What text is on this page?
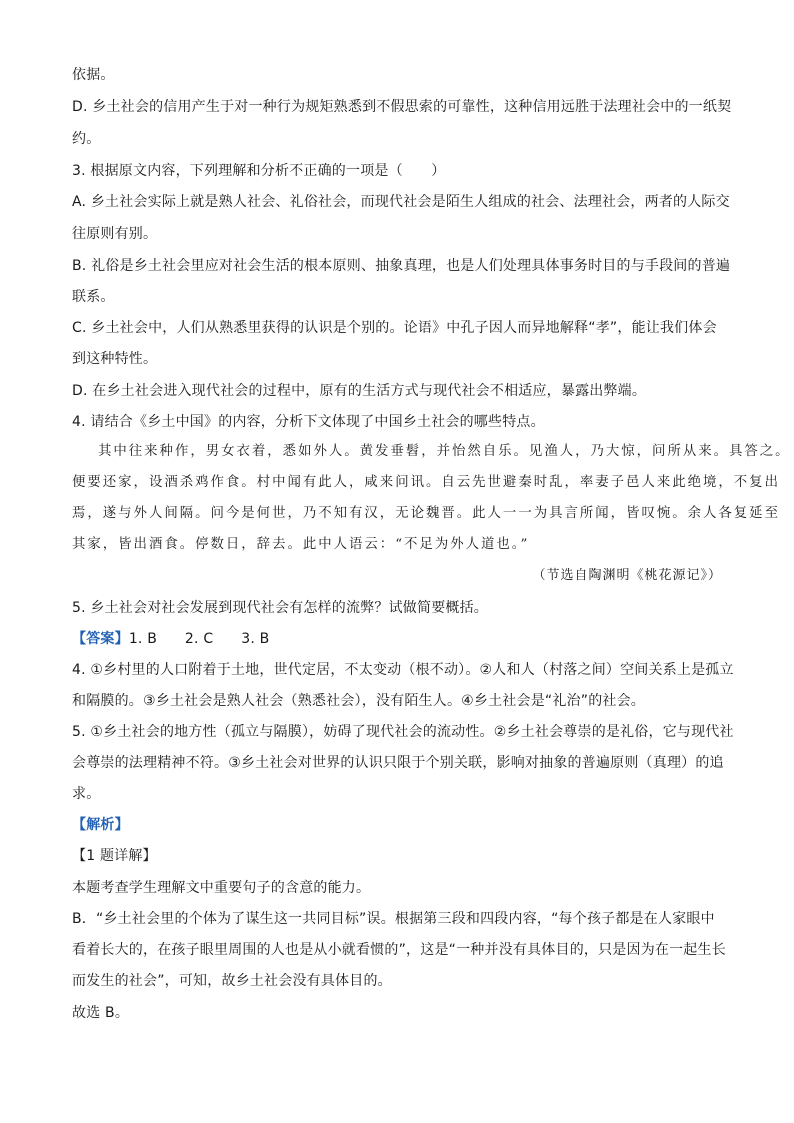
依据。
D. 乡土社会的信用产生于对一种行为规矩熟悉到不假思索的可靠性，这种信用远胜于法理社会中的一纸契
约。
3. 根据原文内容，下列理解和分析不正确的一项是（　　）
A. 乡土社会实际上就是熟人社会、礼俗社会，而现代社会是陌生人组成的社会、法理社会，两者的人际交
往原则有别。
B. 礼俗是乡土社会里应对社会生活的根本原则、抽象真理，也是人们处理具体事务时目的与手段间的普遍
联系。
C. 乡土社会中，人们从熟悉里获得的认识是个别的。论语》中孔子因人而异地解释“孝”，能让我们体会
到这种特性。
D. 在乡土社会进入现代社会的过程中，原有的生活方式与现代社会不相适应，暴露出弊端。
4. 请结合《乡土中国》的内容，分析下文体现了中国乡土社会的哪些特点。
其中往来种作，男女衣着，悉如外人。黄发垂髫，并怡然自乐。见渔人，乃大惊，问所从来。具答之。
便要还家，设酒杀鸡作食。村中闻有此人，咸来问讯。自云先世避秦时乱，率妻子邑人来此绝境，不复出
焉，遂与外人间隔。问今是何世，乃不知有汉，无论魏晋。此人一一为具言所闻，皆叹惋。余人各复延至
其家，皆出酒食。停数日，辞去。此中人语云：“不足为外人道也。”
（节选自陶渊明《桃花源记》）
5. 乡土社会对社会发展到现代社会有怎样的流弊？试做简要概括。
【答案】1. B      2. C      3. B
4. ①乡村里的人口附着于土地，世代定居，不太变动（根不动）。②人和人（村落之间）空间关系上是孤立
和隔膜的。③乡土社会是熟人社会（熟悉社会），没有陌生人。④乡土社会是“礼治”的社会。
5. ①乡土社会的地方性（孤立与隔膜），妨碍了现代社会的流动性。②乡土社会尊崇的是礼俗，它与现代社
会尊崇的法理精神不符。③乡土社会对世界的认识只限于个别关联，影响对抽象的普遍原则（真理）的追
求。
【解析】
【1 题详解】
本题考查学生理解文中重要句子的含意的能力。
B．“乡土社会里的个体为了谋生这一共同目标”误。根据第三段和四段内容，“每个孩子都是在人家眼中
看着长大的，在孩子眼里周围的人也是从小就看惯的”，这是“一种并没有具体目的，只是因为在一起生长
而发生的社会”，可知，故乡土社会没有具体目的。
故选 B。
